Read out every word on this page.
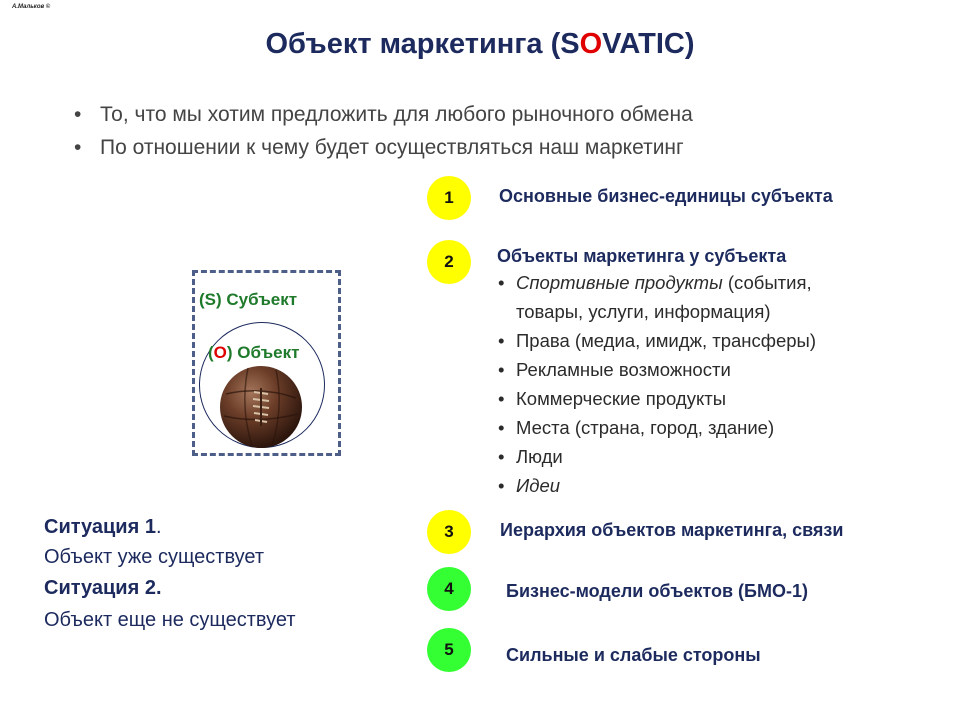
А.Мальков ©
Объект маркетинга (SOVATIC)
• То, что мы хотим предложить для любого рыночного обмена
• По отношении к чему будет осуществляться наш маркетинг
1	Основные бизнес-единицы субъекта
2	Объекты маркетинга у субъекта
• Спортивные продукты (события,
товары, услуги, информация)
• Права (медиа, имидж, трансферы)
• Рекламные возможности
• Коммерческие продукты
• Места (страна, город, здание)
• Люди
• Идеи
3	Иерархия объектов маркетинга, связи
4	Бизнес-модели объектов (БМО-1)
5	Сильные и слабые стороны
(S) Субъект
(O) Объект
Ситуация 1.
Объект уже существует
Ситуация 2.
Объект еще не существует
